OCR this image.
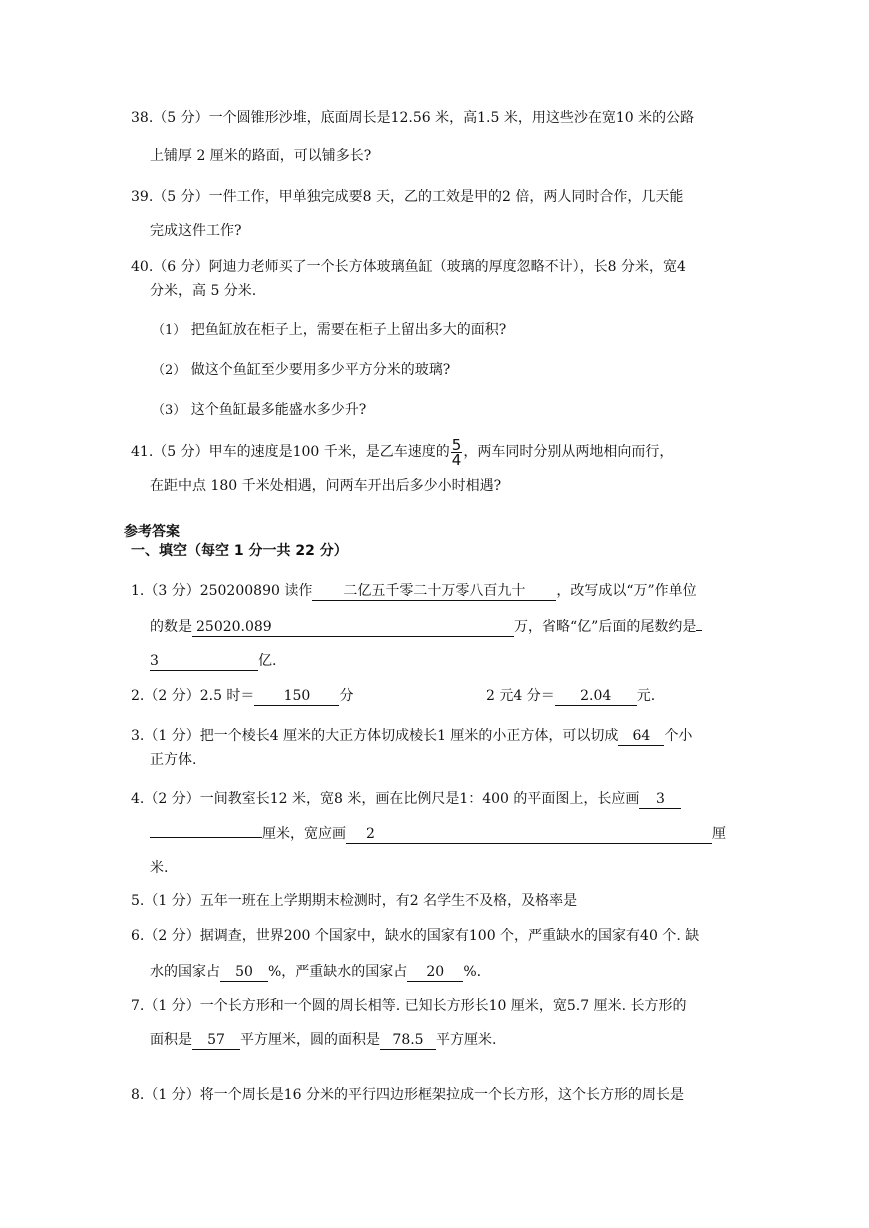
38.（5 分）一个圆锥形沙堆，底面周长是12.56 米，高1.5 米，用这些沙在宽10 米的公路
上铺厚 2 厘米的路面，可以铺多长?
39.（5 分）一件工作，甲单独完成要8 天，乙的工效是甲的2 倍，两人同时合作，几天能
完成这件工作?
40.（6 分）阿迪力老师买了一个长方体玻璃鱼缸（玻璃的厚度忽略不计），长8 分米，宽4
分米，高 5 分米.
（1） 把鱼缸放在柜子上，需要在柜子上留出多大的面积?
（2） 做这个鱼缸至少要用多少平方分米的玻璃?
（3） 这个鱼缸最多能盛水多少升?
41.（5 分）甲车的速度是100 千米，是乙车速度的 $\frac{5}{4}$ ，两车同时分别从两地相向而行，
在距中点 180 千米处相遇，问两车开出后多少小时相遇?
参考答案
一、填空（每空 1 分一共 22 分）
1.（3 分）250200890 读作 二亿五千零二十万零八百九十 ，改写成以“万”作单位
的数是 25020.089	万，省略“亿”后面的尾数约是
3	亿.
2.（2 分）2.5 时＝ 150 分	2 元4 分＝ 2.04 元.
3.（1 分）把一个棱长4 厘米的大正方体切成棱长1 厘米的小正方体，可以切成 64 个小
正方体.
4.（2 分）一间教室长12 米，宽8 米，画在比例尺是1：400 的平面图上，长应画 3
厘米，宽应画 2	厘
米.
5.（1 分）五年一班在上学期期末检测时，有2 名学生不及格，及格率是
6.（2 分）据调查，世界200 个国家中，缺水的国家有100 个，严重缺水的国家有40 个. 缺
水的国家占 50 %，严重缺水的国家占 20 %.
7.（1 分）一个长方形和一个圆的周长相等. 已知长方形长10 厘米，宽5.7 厘米. 长方形的
面积是 57 平方厘米，圆的面积是 78.5 平方厘米.
8.（1 分）将一个周长是16 分米的平行四边形框架拉成一个长方形，这个长方形的周长是
